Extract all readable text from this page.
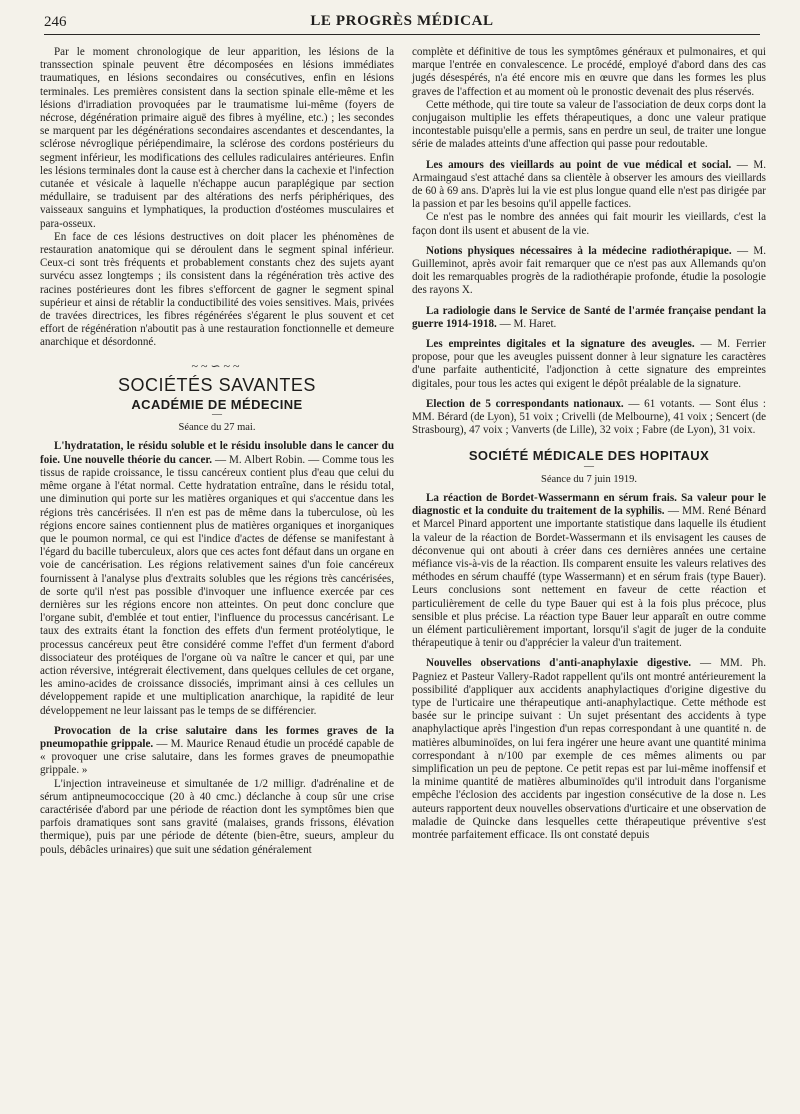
246	LE PROGRÈS MÉDICAL

Par le moment chronologique de leur apparition, les lésions de la transsection spinale peuvent être décomposées en lésions immédiates traumatiques, en lésions secondaires ou consécutives, enfin en lésions terminales. Les premières consistent dans la section spinale elle-même et les lésions d'irradiation provoquées par le traumatisme lui-même (foyers de nécrose, dégénération primaire aiguë des fibres à myéline, etc.) ; les secondes se marquent par les dégénérations secondaires ascendantes et descendantes, la sclérose névroglique périépendimaire, la sclérose des cordons postérieurs du segment inférieur, les modifications des cellules radiculaires antérieures. Enfin les lésions terminales dont la cause est à chercher dans la cachexie et l'infection cutanée et vésicale à laquelle n'échappe aucun paraplégique par section médullaire, se traduisent par des altérations des nerfs périphériques, des vaisseaux sanguins et lymphatiques, la production d'ostéomes musculaires et para-osseux.

En face de ces lésions destructives on doit placer les phénomènes de restauration anatomique qui se déroulent dans le segment spinal inférieur. Ceux-ci sont très fréquents et probablement constants chez des sujets ayant survécu assez longtemps ; ils consistent dans la régénération très active des racines postérieures dont les fibres s'efforcent de gagner le segment spinal supérieur et ainsi de rétablir la conductibilité des voies sensitives. Mais, privées de travées directrices, les fibres régénérées s'égarent le plus souvent et cet effort de régénération n'aboutit pas à une restauration fonctionnelle et demeure anarchique et désordonné.

~~∽~~
SOCIÉTÉS SAVANTES
ACADÉMIE DE MÉDECINE
—
Séance du 27 mai.

L'hydratation, le résidu soluble et le résidu insoluble dans le cancer du foie. Une nouvelle théorie du cancer. — M. Albert Robin. — Comme tous les tissus de rapide croissance, le tissu cancéreux contient plus d'eau que celui du même organe à l'état normal. Cette hydratation entraîne, dans le résidu total, une diminution qui porte sur les matières organiques et qui s'accentue dans les régions très cancérisées. Il n'en est pas de même dans la tuberculose, où les régions encore saines contiennent plus de matières organiques et inorganiques que le poumon normal, ce qui est l'indice d'actes de défense se manifestant à l'égard du bacille tuberculeux, alors que ces actes font défaut dans un organe en voie de cancérisation. Les régions relativement saines d'un foie cancéreux fournissent à l'analyse plus d'extraits solubles que les régions très cancérisées, de sorte qu'il n'est pas possible d'invoquer une influence exercée par ces dernières sur les régions encore non atteintes. On peut donc conclure que l'organe subit, d'emblée et tout entier, l'influence du processus cancérisant. Le taux des extraits étant la fonction des effets d'un ferment protéolytique, le processus cancéreux peut être considéré comme l'effet d'un ferment d'abord dissociateur des protéiques de l'organe où va naître le cancer et qui, par une action réversive, intégrerait électivement, dans quelques cellules de cet organe, les amino-acides de croissance dissociés, imprimant ainsi à ces cellules un développement rapide et une multiplication anarchique, la rapidité de leur développement ne leur laissant pas le temps de se différencier.

Provocation de la crise salutaire dans les formes graves de la pneumopathie grippale. — M. Maurice Renaud étudie un procédé capable de « provoquer une crise salutaire, dans les formes graves de pneumopathie grippale. »

L'injection intraveineuse et simultanée de 1/2 milligr. d'adrénaline et de sérum antipneumococcique (20 à 40 cmc.) déclanche à coup sûr une crise caractérisée d'abord par une période de réaction dont les symptômes bien que parfois dramatiques sont sans gravité (malaises, grands frissons, élévation thermique), puis par une période de détente (bien-être, sueurs, ampleur du pouls, débâcles urinaires) que suit une sédation généralement

complète et définitive de tous les symptômes généraux et pulmonaires, et qui marque l'entrée en convalescence. Le procédé, employé d'abord dans des cas jugés désespérés, n'a été encore mis en œuvre que dans les formes les plus graves de l'affection et au moment où le pronostic devenait des plus réservés.

Cette méthode, qui tire toute sa valeur de l'association de deux corps dont la conjugaison multiplie les effets thérapeutiques, a donc une valeur pratique incontestable puisqu'elle a permis, sans en perdre un seul, de traiter une longue série de malades atteints d'une affection qui passe pour redoutable.

Les amours des vieillards au point de vue médical et social. — M. Armaingaud s'est attaché dans sa clientèle à observer les amours des vieillards de 60 à 69 ans. D'après lui la vie est plus longue quand elle n'est pas dirigée par la passion et par les besoins qu'il appelle factices.

Ce n'est pas le nombre des années qui fait mourir les vieillards, c'est la façon dont ils usent et abusent de la vie.

Notions physiques nécessaires à la médecine radiothérapique. — M. Guilleminot, après avoir fait remarquer que ce n'est pas aux Allemands qu'on doit les remarquables progrès de la radiothérapie profonde, étudie la posologie des rayons X.

La radiologie dans le Service de Santé de l'armée française pendant la guerre 1914-1918. — M. Haret.

Les empreintes digitales et la signature des aveugles. — M. Ferrier propose, pour que les aveugles puissent donner à leur signature les caractères d'une parfaite authenticité, l'adjonction à cette signature des empreintes digitales, pour tous les actes qui exigent le dépôt préalable de la signature.

Election de 5 correspondants nationaux. — 61 votants. — Sont élus : MM. Bérard (de Lyon), 51 voix ; Crivelli (de Melbourne), 41 voix ; Sencert (de Strasbourg), 47 voix ; Vanverts (de Lille), 32 voix ; Fabre (de Lyon), 31 voix.

SOCIÉTÉ MÉDICALE DES HOPITAUX
—
Séance du 7 juin 1919.

La réaction de Bordet-Wassermann en sérum frais. Sa valeur pour le diagnostic et la conduite du traitement de la syphilis. — MM. René Bénard et Marcel Pinard apportent une importante statistique dans laquelle ils étudient la valeur de la réaction de Bordet-Wassermann et ils envisagent les causes de déconvenue qui ont abouti à créer dans ces dernières années une certaine méfiance vis-à-vis de la réaction. Ils comparent ensuite les valeurs relatives des méthodes en sérum chauffé (type Wassermann) et en sérum frais (type Bauer). Leurs conclusions sont nettement en faveur de cette réaction et particulièrement de celle du type Bauer qui est à la fois plus précoce, plus sensible et plus précise. La réaction type Bauer leur apparaît en outre comme un élément particulièrement important, lorsqu'il s'agit de juger de la conduite thérapeutique à tenir ou d'apprécier la valeur d'un traitement.

Nouvelles observations d'anti-anaphylaxie digestive. — MM. Ph. Pagniez et Pasteur Vallery-Radot rappellent qu'ils ont montré antérieurement la possibilité d'appliquer aux accidents anaphylactiques d'origine digestive du type de l'urticaire une thérapeutique anti-anaphylactique. Cette méthode est basée sur le principe suivant : Un sujet présentant des accidents à type anaphylactique après l'ingestion d'un repas correspondant à une quantité n. de matières albuminoïdes, on lui fera ingérer une heure avant une quantité minima correspondant à n/100 par exemple de ces mêmes aliments ou par simplification un peu de peptone. Ce petit repas est par lui-même inoffensif et la minime quantité de matières albuminoïdes qu'il introduit dans l'organisme empêche l'éclosion des accidents par ingestion consécutive de la dose n. Les auteurs rapportent deux nouvelles observations d'urticaire et une observation de maladie de Quincke dans lesquelles cette thérapeutique préventive s'est montrée parfaitement efficace. Ils ont constaté depuis
